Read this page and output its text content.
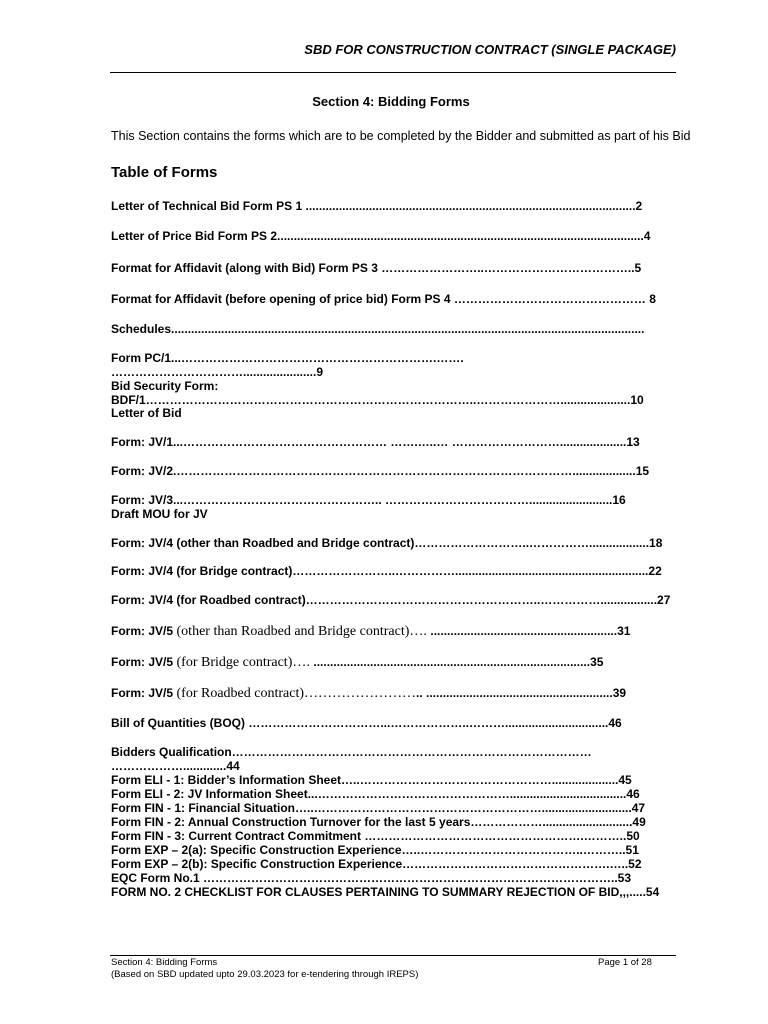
SBD FOR CONSTRUCTION CONTRACT (SINGLE PACKAGE)
Section 4: Bidding Forms
This Section contains the forms which are to be completed by the Bidder and submitted as part of his Bid
Table of Forms
Letter of Technical Bid Form PS 1 ...................................................................................................2
Letter of Price Bid Form PS 2..............................................................................................................4
Format for Affidavit (along with Bid) Form PS 3 ……………………..………………………………..5
Format for Affidavit (before opening of price bid) Form PS 4 ………………………………………… 8
Schedules..............................................................................................................................................
Form PC/1...……………………………………………………….…….
……………………………......................9
Bid Security Form:
BDF/1………………………………………………………………………..………………….....................10
Letter of Bid
Form: JV/1...…………………………………………… …….…..… ………………………....................13
Form: JV/2.………………………………………………………………………………………...................15
Form: JV/3...………………………………………….. ……………………………….........................16
Draft MOU for JV
Form: JV/4 (other than Roadbed and Bridge contract)………………………..……………..................18
Form: JV/4 (for Bridge contract)……………………..……………..........................................................22
Form: JV/4 (for Roadbed contract)…………………………………………………..…………….................27
Form: JV/5 (other than Roadbed and Bridge contract)…. ........................................................31
Form: JV/5 (for Bridge contract)…. ...................................................................................35
Form: JV/5 (for Roadbed contract)…………………….. ........................................................39
Bill of Quantities (BOQ) ……………………………...………………..………...............................46
Bidders Qualification………………………………………………………………………………
……………….............44
Form ELI - 1: Bidder’s Information Sheet…..…………………………………………....................45
Form ELI - 2: JV Information Sheet...…………………………………………...................................46
Form FIN - 1: Financial Situation…..…………………………………………………...........................47
Form FIN - 2: Annual Construction Turnover for the last 5 years………………...........................49
Form FIN - 3: Current Contract Commitment ……………………………………………….………..50
Form EXP – 2(a): Specific Construction Experience…..…………………………………..………..51
Form EXP – 2(b): Specific Construction Experience…………………………………………….…..52
EQC Form No.1 …………………………………………………………………………………………..53
FORM NO. 2 CHECKLIST FOR CLAUSES PERTAINING TO SUMMARY REJECTION OF BID,,,.....54
Section 4: Bidding Forms
(Based on SBD updated upto 29.03.2023 for e-tendering through IREPS)
Page 1 of 28
